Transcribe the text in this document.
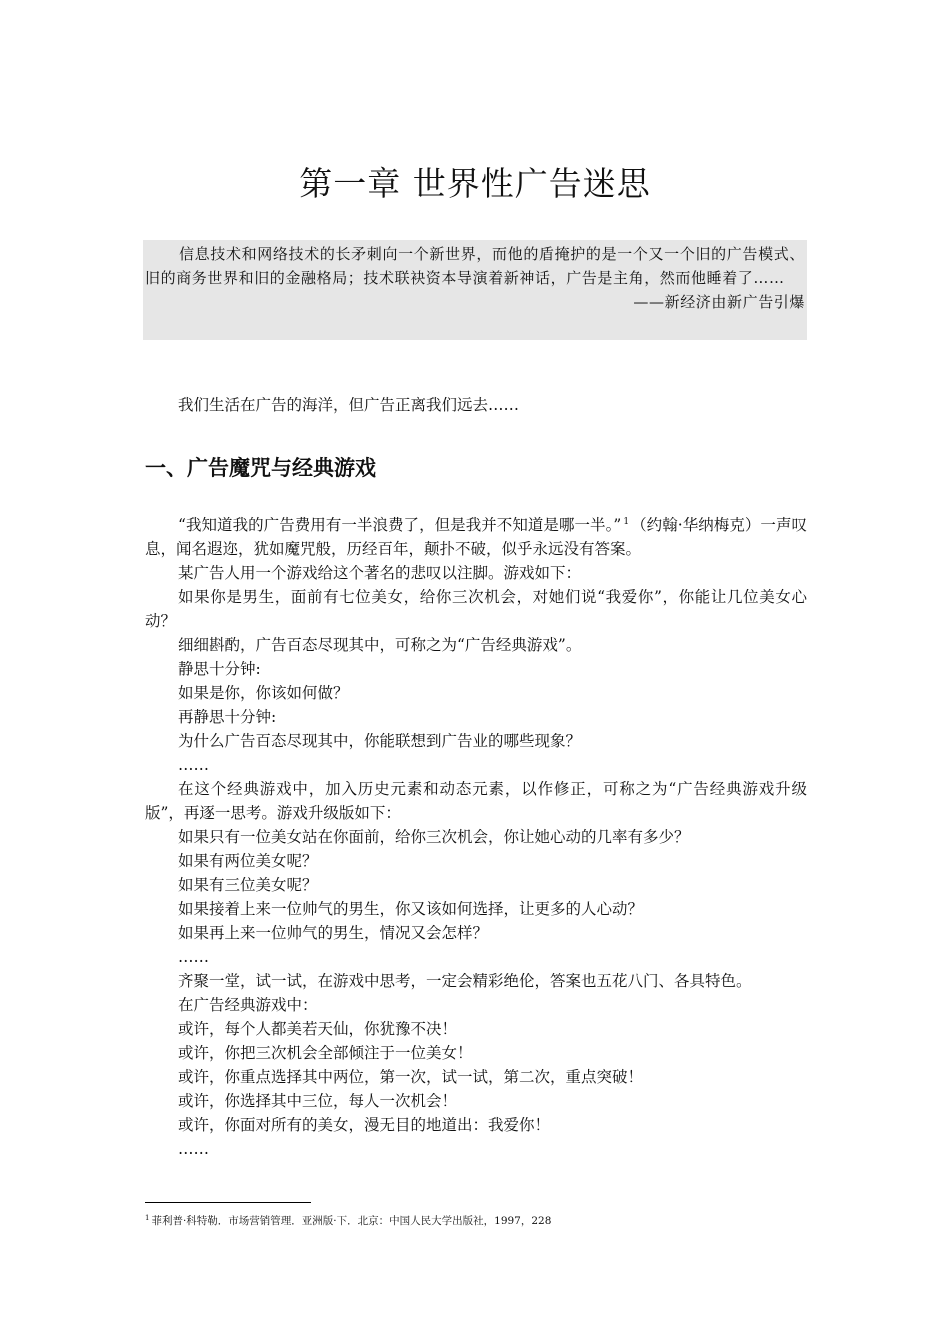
第一章 世界性广告迷思

信息技术和网络技术的长矛刺向一个新世界，而他的盾掩护的是一个又一个旧的广告模式、旧的商务世界和旧的金融格局；技术联袂资本导演着新神话，广告是主角，然而他睡着了……

——新经济由新广告引爆

我们生活在广告的海洋，但广告正离我们远去……

一、广告魔咒与经典游戏

“我知道我的广告费用有一半浪费了，但是我并不知道是哪一半。” $^1$ （约翰·华纳梅克）一声叹息，闻名遐迩，犹如魔咒般，历经百年，颠扑不破，似乎永远没有答案。

某广告人用一个游戏给这个著名的悲叹以注脚。游戏如下：

如果你是男生，面前有七位美女，给你三次机会，对她们说“我爱你”，你能让几位美女心动？

细细斟酌，广告百态尽现其中，可称之为“广告经典游戏”。

静思十分钟:

如果是你，你该如何做？

再静思十分钟:

为什么广告百态尽现其中，你能联想到广告业的哪些现象？

……

在这个经典游戏中，加入历史元素和动态元素，以作修正，可称之为“广告经典游戏升级版”，再逐一思考。游戏升级版如下：

如果只有一位美女站在你面前，给你三次机会，你让她心动的几率有多少？

如果有两位美女呢？

如果有三位美女呢？

如果接着上来一位帅气的男生，你又该如何选择，让更多的人心动？

如果再上来一位帅气的男生，情况又会怎样？

……

齐聚一堂，试一试，在游戏中思考，一定会精彩绝伦，答案也五花八门、各具特色。

在广告经典游戏中：

或许，每个人都美若天仙，你犹豫不决！

或许，你把三次机会全部倾注于一位美女！

或许，你重点选择其中两位，第一次，试一试，第二次，重点突破！

或许，你选择其中三位，每人一次机会！

或许，你面对所有的美女，漫无目的地道出：我爱你！

……

$^1$ 菲利普·科特勒．市场营销管理．亚洲版·下．北京：中国人民大学出版社，1997，228
